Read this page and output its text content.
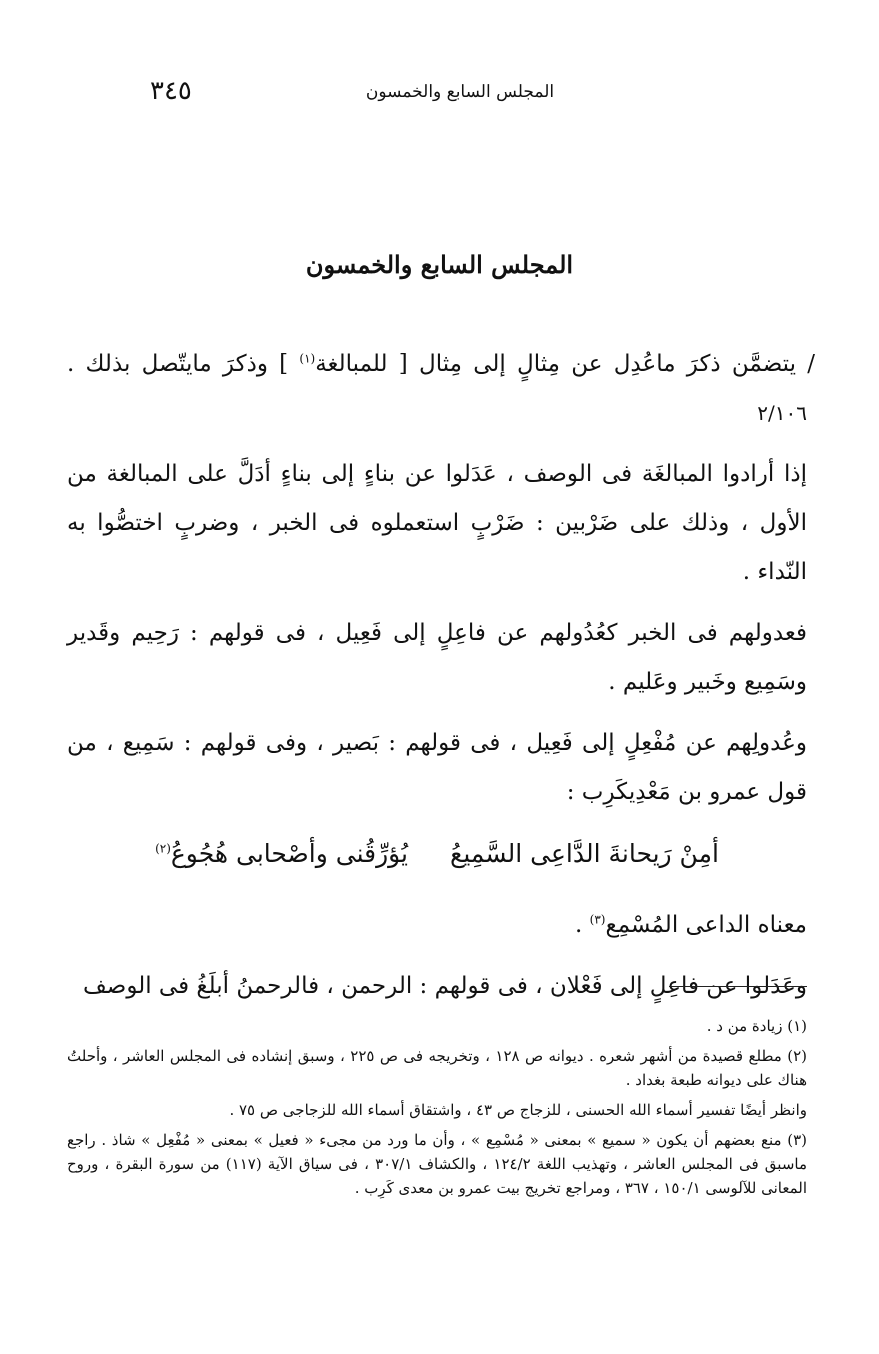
المجلس السابع والخمسون
٣٤٥
المجلس السابع والخمسون

/ يتضمَّن ذكرَ ماعُدِل عن مِثالٍ إلى مِثال [ للمبالغة$^{(١)}$ ] وذكرَ مايتّصل بذلك . ٢/١٠٦

إذا أرادوا المبالغَة فى الوصف ، عَدَلوا عن بناءٍ إلى بناءٍ أدَلَّ على المبالغة من الأول ، وذلك على ضَرْبين : ضَرْبٍ استعملوه فى الخبر ، وضربٍ اختصُّوا به النّداء .

فعدولهم فى الخبر كعُدُولهم عن فاعِلٍ إلى فَعِيل ، فى قولهم : رَحِيم وقَدير وسَمِيع وخَبير وعَليم .

وعُدولِهم عن مُفْعِلٍ إلى فَعِيل ، فى قولهم : بَصير ، وفى قولهم : سَمِيع ، من قول عمرو بن مَعْدِيكَرِب :

أمِنْ رَيحانةَ الدَّاعِى السَّمِيعُ
يُؤرِّقُنى وأصْحابى هُجُوعُ$^{(٢)}$

معناه الداعى المُسْمِع$^{(٣)}$ .

وعَدَلوا عن فاعِلٍ إلى فَعْلان ، فى قولهم : الرحمن ، فالرحمنُ أبلَغُ فى الوصف

(١) زيادة من د .

(٢) مطلع قصيدة من أشهر شعره . ديوانه ص ١٢٨ ، وتخريجه فى ص ٢٢٥ ، وسبق إنشاده فى المجلس العاشر ، وأحلتُ هناك على ديوانه طبعة بغداد .

وانظر أيضًا تفسير أسماء الله الحسنى ، للزجاج ص ٤٣ ، واشتقاق أسماء الله للزجاجى ص ٧٥ .

(٣) منع بعضهم أن يكون « سميع » بمعنى « مُسْمِع » ، وأن ما ورد من مجىء « فعيل » بمعنى « مُفْعِل » شاذ . راجع ماسبق فى المجلس العاشر ، وتهذيب اللغة ١٢٤/٢ ، والكشاف ٣٠٧/١ ، فى سياق الآية (١١٧) من سورة البقرة ، وروح المعانى للآلوسى ١٥٠/١ ، ٣٦٧ ، ومراجع تخريج بيت عمرو بن معدى كَرِب .
